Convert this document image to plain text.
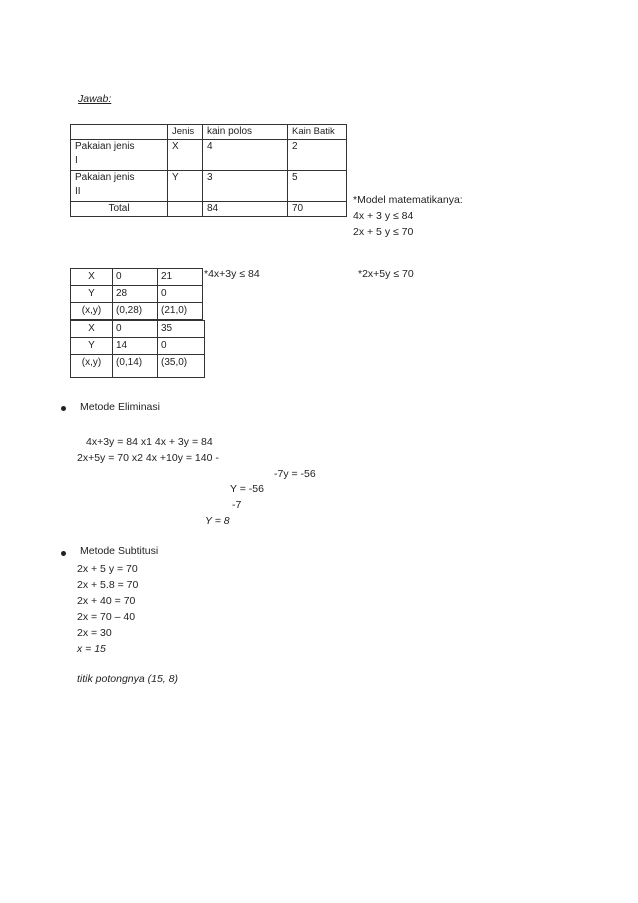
Jawab:
	Jenis	kain polos	Kain Batik

Pakaian jenis
I	X	4	2

Pakaian jenis
II	Y	3	5
Total		84	70
*Model matematikanya:
4x + 3 y ≤ 84
2x + 5 y ≤ 70
*4x+3y ≤ 84	*2x+5y ≤ 70
X	0	21
Y	28	0
(x,y)	(0,28)	(21,0)
X	0	35
Y	14	0
(x,y)	(0,14)	(35,0)
Metode Eliminasi
4x+3y = 84 x1 4x + 3y = 84
2x+5y = 70 x2 4x +10y = 140 -
-7y = -56
Y = -56
-7
Y = 8
Metode Subtitusi
2x + 5 y = 70
2x + 5.8 = 70
2x + 40 = 70
2x = 70 – 40
2x = 30
x = 15
titik potongnya (15, 8)
